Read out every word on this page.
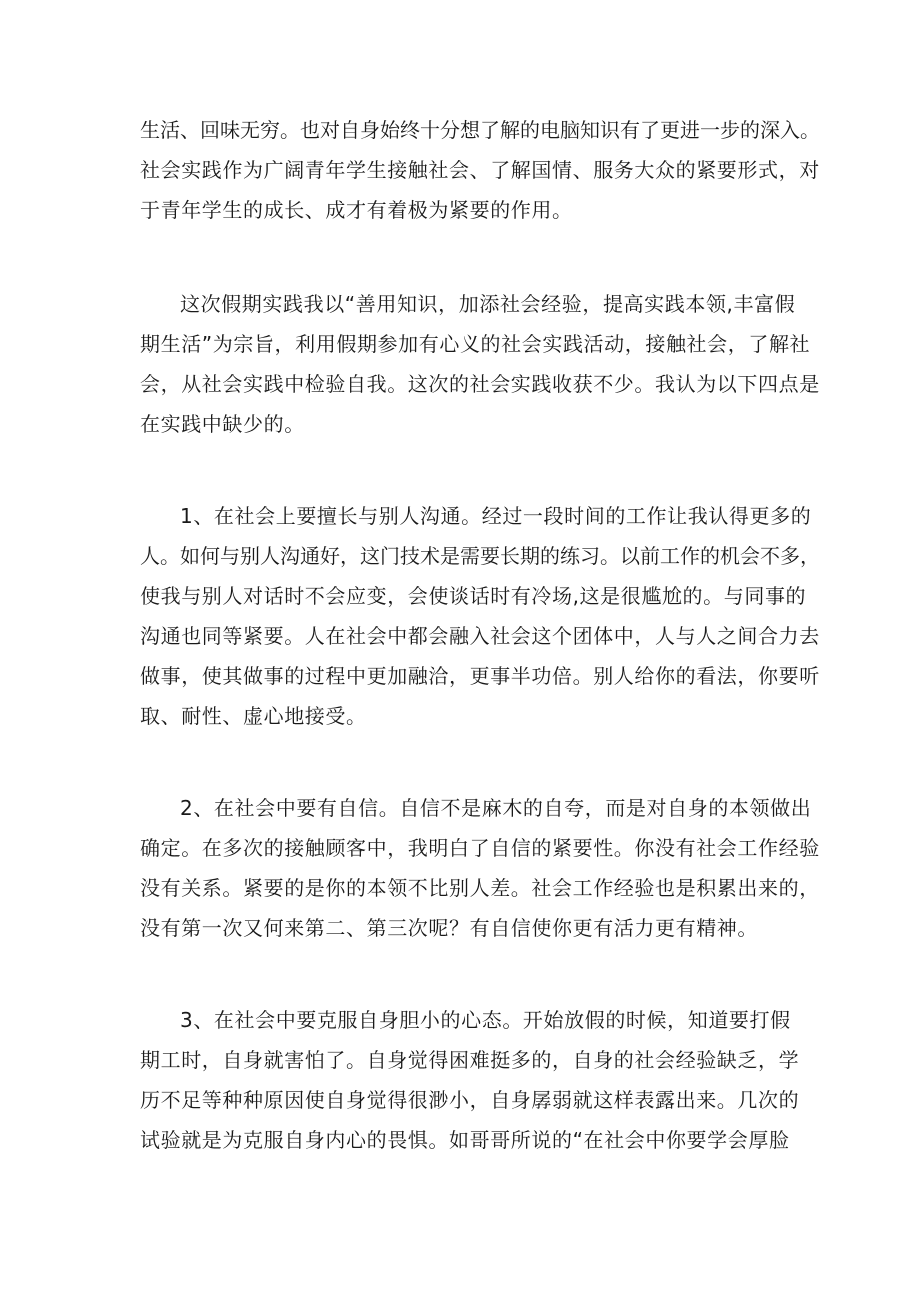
生活、回味无穷。也对自身始终十分想了解的电脑知识有了更进一步的深入。
社会实践作为广阔青年学生接触社会、了解国情、服务大众的紧要形式，对
于青年学生的成长、成才有着极为紧要的作用。
这次假期实践我以“善用知识，加添社会经验，提高实践本领,丰富假
期生活”为宗旨，利用假期参加有心义的社会实践活动，接触社会，了解社
会，从社会实践中检验自我。这次的社会实践收获不少。我认为以下四点是
在实践中缺少的。
1、在社会上要擅长与别人沟通。经过一段时间的工作让我认得更多的
人。如何与别人沟通好，这门技术是需要长期的练习。以前工作的机会不多，
使我与别人对话时不会应变，会使谈话时有冷场,这是很尴尬的。与同事的
沟通也同等紧要。人在社会中都会融入社会这个团体中，人与人之间合力去
做事，使其做事的过程中更加融洽，更事半功倍。别人给你的看法，你要听
取、耐性、虚心地接受。
2、在社会中要有自信。自信不是麻木的自夸，而是对自身的本领做出
确定。在多次的接触顾客中，我明白了自信的紧要性。你没有社会工作经验
没有关系。紧要的是你的本领不比别人差。社会工作经验也是积累出来的，
没有第一次又何来第二、第三次呢？有自信使你更有活力更有精神。
3、在社会中要克服自身胆小的心态。开始放假的时候，知道要打假
期工时，自身就害怕了。自身觉得困难挺多的，自身的社会经验缺乏，学
历不足等种种原因使自身觉得很渺小，自身孱弱就这样表露出来。几次的
试验就是为克服自身内心的畏惧。如哥哥所说的“在社会中你要学会厚脸
